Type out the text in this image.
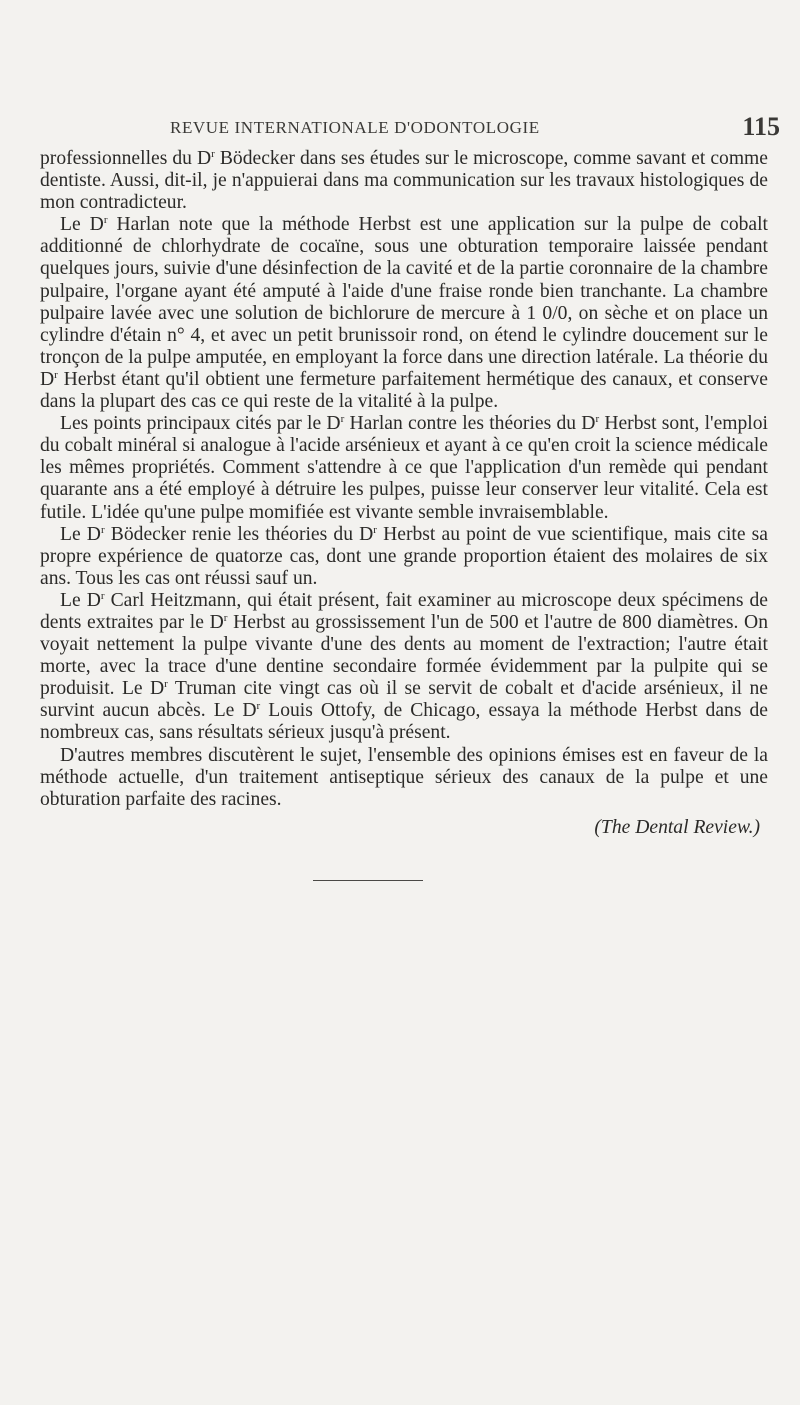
REVUE INTERNATIONALE D'ODONTOLOGIE	115

professionnelles du $D^r$ Bödecker dans ses études sur le microscope, comme savant et comme dentiste. Aussi, dit-il, je n'appuierai dans ma communication sur les travaux histologiques de mon contradicteur.

Le $D^r$ Harlan note que la méthode Herbst est une application sur la pulpe de cobalt additionné de chlorhydrate de cocaïne, sous une obturation temporaire laissée pendant quelques jours, suivie d'une désinfection de la cavité et de la partie coronnaire de la chambre pulpaire, l'organe ayant été amputé à l'aide d'une fraise ronde bien tranchante. La chambre pulpaire lavée avec une solution de bichlorure de mercure à 1 0/0, on sèche et on place un cylindre d'étain n° 4, et avec un petit brunissoir rond, on étend le cylindre doucement sur le tronçon de la pulpe amputée, en employant la force dans une direction latérale. La théorie du $D^r$ Herbst étant qu'il obtient une fermeture parfaitement hermétique des canaux, et conserve dans la plupart des cas ce qui reste de la vitalité à la pulpe.

Les points principaux cités par le $D^r$ Harlan contre les théories du $D^r$ Herbst sont, l'emploi du cobalt minéral si analogue à l'acide arsénieux et ayant à ce qu'en croit la science médicale les mêmes propriétés. Comment s'attendre à ce que l'application d'un remède qui pendant quarante ans a été employé à détruire les pulpes, puisse leur conserver leur vitalité. Cela est futile. L'idée qu'une pulpe momifiée est vivante semble invraisemblable.

Le $D^r$ Bödecker renie les théories du $D^r$ Herbst au point de vue scientifique, mais cite sa propre expérience de quatorze cas, dont une grande proportion étaient des molaires de six ans. Tous les cas ont réussi sauf un.

Le $D^r$ Carl Heitzmann, qui était présent, fait examiner au microscope deux spécimens de dents extraites par le $D^r$ Herbst au grossissement l'un de 500 et l'autre de 800 diamètres. On voyait nettement la pulpe vivante d'une des dents au moment de l'extraction; l'autre était morte, avec la trace d'une dentine secondaire formée évidemment par la pulpite qui se produisit. Le $D^r$ Truman cite vingt cas où il se servit de cobalt et d'acide arsénieux, il ne survint aucun abcès. Le $D^r$ Louis Ottofy, de Chicago, essaya la méthode Herbst dans de nombreux cas, sans résultats sérieux jusqu'à présent.

D'autres membres discutèrent le sujet, l'ensemble des opinions émises est en faveur de la méthode actuelle, d'un traitement antiseptique sérieux des canaux de la pulpe et une obturation parfaite des racines.

(The Dental Review.)
